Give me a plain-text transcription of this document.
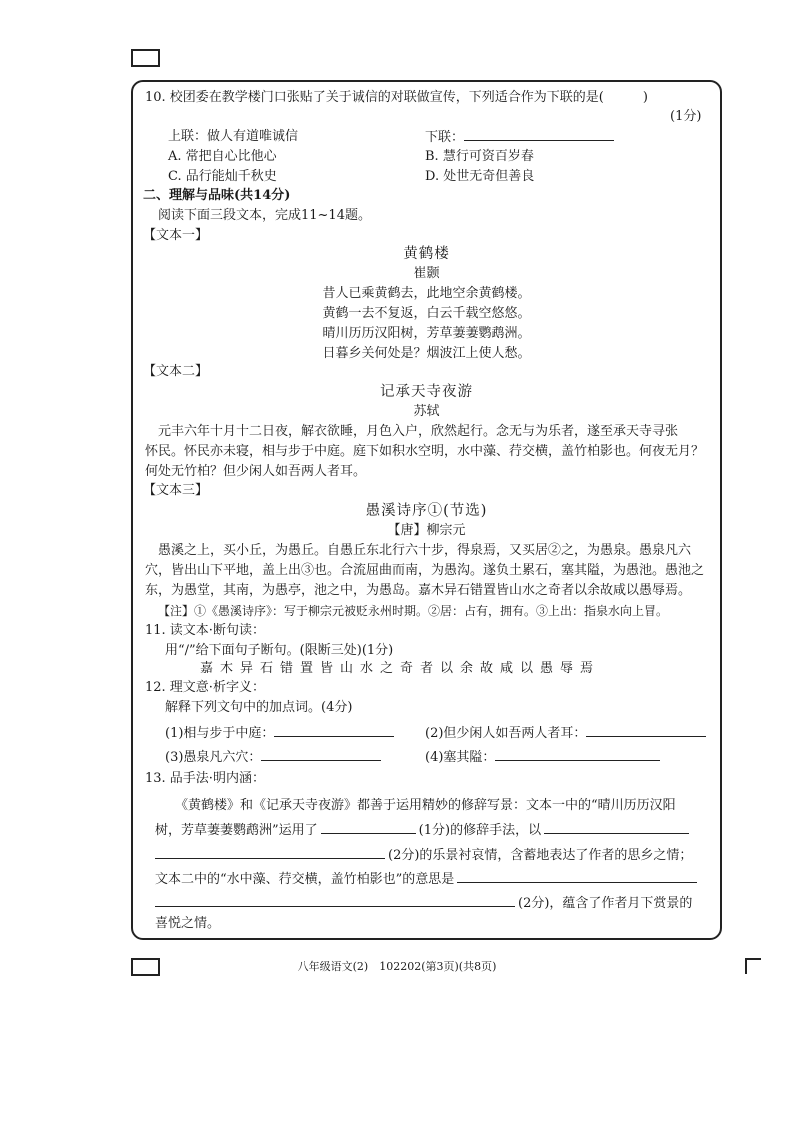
10. 校团委在教学楼门口张贴了关于诚信的对联做宣传，下列适合作为下联的是(　　　)
(1分)
上联：做人有道唯诚信	下联：
A. 常把自心比他心	B. 慧行可资百岁春
C. 品行能灿千秋史	D. 处世无奇但善良
二、理解与品味(共14分)
阅读下面三段文本，完成11~14题。
【文本一】
黄鹤楼
崔颢
昔人已乘黄鹤去，此地空余黄鹤楼。
黄鹤一去不复返，白云千载空悠悠。
晴川历历汉阳树，芳草萋萋鹦鹉洲。
日暮乡关何处是？烟波江上使人愁。
【文本二】
记承天寺夜游
苏轼
元丰六年十月十二日夜，解衣欲睡，月色入户，欣然起行。念无与为乐者，遂至承天寺寻张
怀民。怀民亦未寝，相与步于中庭。庭下如积水空明，水中藻、荇交横，盖竹柏影也。何夜无月？
何处无竹柏？但少闲人如吾两人者耳。
【文本三】
愚溪诗序①(节选)
【唐】柳宗元
愚溪之上，买小丘，为愚丘。自愚丘东北行六十步，得泉焉，又买居②之，为愚泉。愚泉凡六
穴，皆出山下平地，盖上出③也。合流屈曲而南，为愚沟。遂负土累石，塞其隘，为愚池。愚池之
东，为愚堂，其南，为愚亭，池之中，为愚岛。嘉木异石错置皆山水之奇者以余故咸以愚辱焉。
【注】①《愚溪诗序》：写于柳宗元被贬永州时期。②居：占有，拥有。③上出：指泉水向上冒。
11. 读文本·断句读：
用“/”给下面句子断句。(限断三处)(1分)
嘉木异石错置皆山水之奇者以余故咸以愚辱焉
12. 理文意·析字义：
解释下列文句中的加点词。(4分)
(1)相与步于中庭：	(2)但少闲人如吾两人者耳：
(3)愚泉凡六穴：	(4)塞其隘：
13. 品手法·明内涵：
《黄鹤楼》和《记承天寺夜游》都善于运用精妙的修辞写景：文本一中的“晴川历历汉阳
树，芳草萋萋鹦鹉洲”运用了	(1分)的修辞手法，以
(2分)的乐景衬哀情，含蓄地表达了作者的思乡之情；
文本二中的“水中藻、荇交横，盖竹柏影也”的意思是
(2分)，蕴含了作者月下赏景的
喜悦之情。
八年级语文(2)　102202(第3页)(共8页)
